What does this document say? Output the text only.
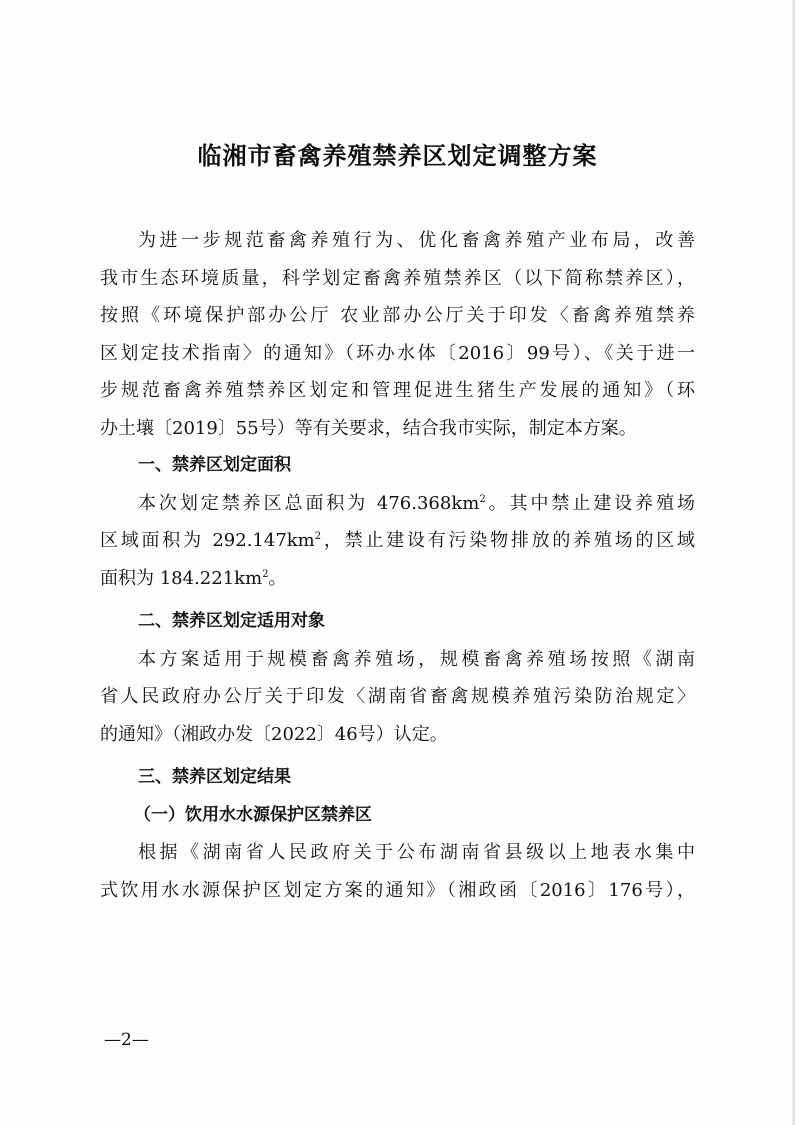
临湘市畜禽养殖禁养区划定调整方案

为进一步规范畜禽养殖行为、优化畜禽养殖产业布局，改善
我市生态环境质量，科学划定畜禽养殖禁养区（以下简称禁养区），
按照《环境保护部办公厅 农业部办公厅关于印发〈畜禽养殖禁养
区划定技术指南〉的通知》（环办水体〔2016〕99号）、《关于进一
步规范畜禽养殖禁养区划定和管理促进生猪生产发展的通知》（环
办土壤〔2019〕55号）等有关要求，结合我市实际，制定本方案。

一、禁养区划定面积

本次划定禁养区总面积为 $476.368km^2$。其中禁止建设养殖场
区域面积为 $292.147km^2$，禁止建设有污染物排放的养殖场的区域
面积为 $184.221km^2$。

二、禁养区划定适用对象

本方案适用于规模畜禽养殖场，规模畜禽养殖场按照《湖南
省人民政府办公厅关于印发〈湖南省畜禽规模养殖污染防治规定〉
的通知》（湘政办发〔2022〕46号）认定。

三、禁养区划定结果

（一）饮用水水源保护区禁养区

根据《湖南省人民政府关于公布湖南省县级以上地表水集中
式饮用水水源保护区划定方案的通知》（湘政函〔2016〕176号），

—2—
